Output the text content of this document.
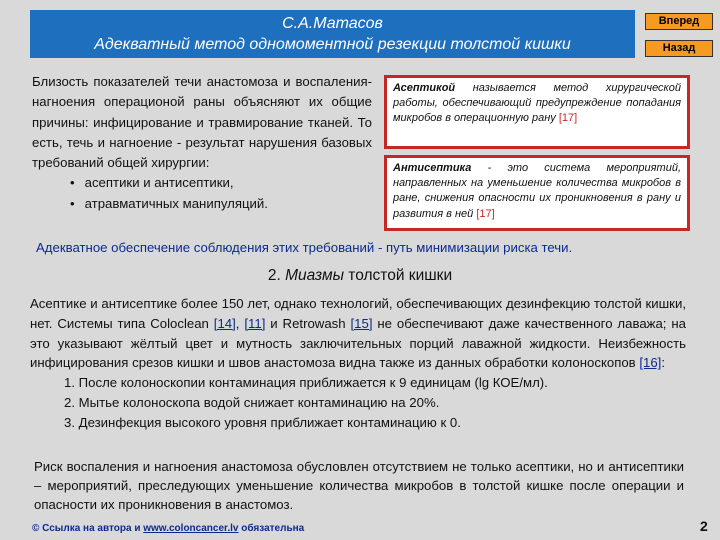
С.А.Матасов
Адекватный метод одномоментной резекции толстой кишки
Вперед
Назад

Близость показателей течи анастомоза и воспаления-нагноения операционой раны объясняют их общие причины: инфицирование и травмирование тканей. То есть, течь и нагноение - результат нарушения базовых требований общей хирургии:

• асептики и антисептики,
• атравматичных манипуляций.
Асептикой называется метод хирургической работы, обеспечивающий предупреждение попадания микробов в операционную рану [17]
Антисептика - это система мероприятий, направленных на уменьшение количества микробов в ране, снижения опасности их проникновения в рану и развития в ней [17]
Адекватное обеспечение соблюдения этих требований - путь минимизации риска течи.
2. Миазмы толстой кишки

Асептике и антисептике более 150 лет, однако технологий, обеспечивающих дезинфекцию толстой кишки, нет. Системы типа Coloclean [14], [11] и Retrowash [15] не обеспечивают даже качественного лаважа; на это указывают жёлтый цвет и мутность заключительных порций лаважной жидкости. Неизбежность инфицирования срезов кишки и швов анастомоза видна также из данных обработки колоноскопов [16]:

1. После колоноскопии контаминация приближается к 9 единицам (lg КОЕ/мл).
2. Мытье колоноскопа водой снижает контаминацию на 20%.
3. Дезинфекция высокого уровня приближает контаминацию к 0.
Риск воспаления и нагноения анастомоза обусловлен отсутствием не только асептики, но и антисептики – мероприятий, преследующих уменьшение количества микробов в толстой кишке после операции и опасности их проникновения в анастомоз.
© Ссылка на автора и www.coloncancer.lv обязательна	2
